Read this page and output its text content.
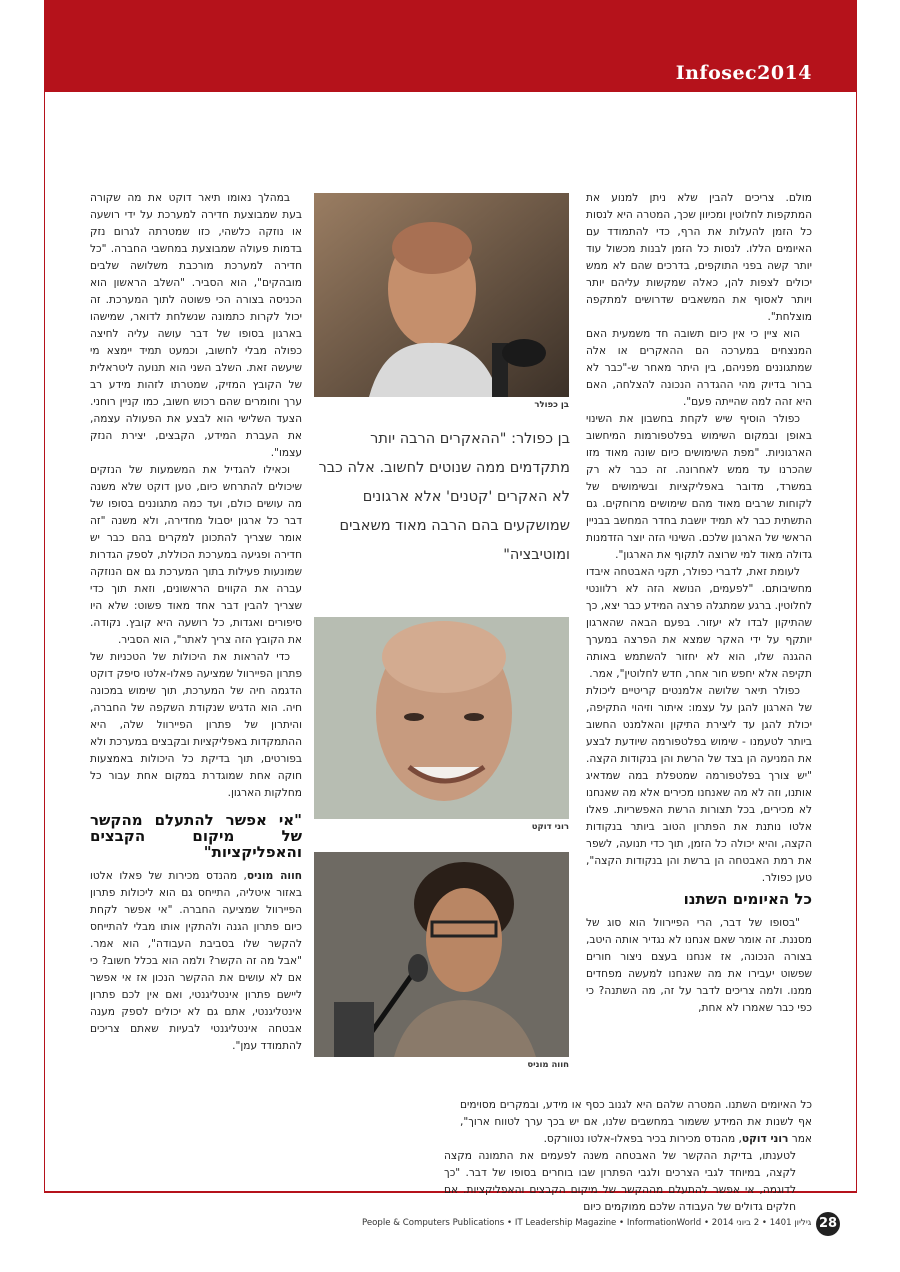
Infosec2014

מולם. צריכים להבין שלא ניתן למנוע את המתקפות לחלוטין ומכיוון שכך, המטרה היא לנסות כל הזמן להעלות את הרף, כדי להתמודד עם האיומים הללו. לנסות כל הזמן לבנות מכשול עוד יותר קשה בפני התוקפים, בדרכים שהם לא ממש יכולים לצפות להן, כאלה שמקשות עליהם יותר ויותר לאסוף את המשאבים שדרושים למתקפה מוצלחת".

הוא ציין כי אין כיום תשובה חד משמעית האם המנצחים במערכה הם ההאקרים או אלה שמתגוננים מפניהם, בין היתר מאחר ש-"כבר לא ברור בדיוק מהי ההגדרה הנכונה להצלחה, האם היא זהה למה שהייתה פעם".

כפולר הוסיף שיש לקחת בחשבון את השינוי באופן ובמקום השימוש בפלטפורמות המיחשוב הארגוניות. "מפת השימושים כיום שונה מאוד מזו שהכרנו עד ממש לאחרונה. זה כבר לא רק במשרד, מדובר באפליקציות ובשימושים של לקוחות שרבים מאוד מהם שימושים מרוחקים. גם התשתית כבר לא תמיד יושבת בחדר המחשב בבניין הראשי של הארגון שלכם. השינוי הזה יוצר הזדמנות גדולה מאוד למי שרוצה לתקוף את הארגון".

לעומת זאת, לדברי כפולר, תקני האבטחה איבדו מחשיבותם. "לפעמים, הנושא הזה לא רלוונטי לחלוטין. ברגע שמתגלה פרצה המידע כבר יצא, כך שהתיקון לבדו לא יעזור. בפעם הבאה שהארגון יותקף על ידי האקר שמצא את הפרצה במערך ההגנה שלו, הוא לא יחזור להשתמש באותה תקיפה אלא יחפש חור אחר, חדש לחלוטין", אמר.

כפולר תיאר שלושה אלמנטים קריטיים ליכולת של הארגון להגן על עצמו: איתור וזיהוי התקיפה, יכולת להגן עד ליצירת התיקון והאלמנט החשוב ביותר לטעמנו - שימוש בפלטפורמה שיודעת לבצע את המניעה הן בצד של הרשת והן בנקודות הקצה. "יש צורך בפלטפורמה שמטפלת במה שמדאיג אותנו, וזה לא מה שאנחנו מכירים אלא מה שאנחנו לא מכירים, בכל תצורות הרשת האפשריות. פאלו אלטו נותנת את הפתרון הטוב ביותר בנקודות הקצה, והיא יכולה כל הזמן, תוך כדי תנועה, לשפר את רמת האבטחה הן ברשת והן בנקודות הקצה", טען כפולר.

כל האיומים השתנו

"בסופו של דבר, הרי הפיירוול הוא סוג של מסננת. זה אומר שאם אנחנו לא נגדיר אותה היטב, בצורה הנכונה, אז אנחנו בעצם ניצור חורים שפשוט יעבירו את מה שאנחנו למעשה מפחדים ממנו. ולמה צריכים לדבר על זה, מה השתנה? כי כפי כבר שאמרו לא אחת,

בן כפולר
בן כפולר: "ההאקרים הרבה יותר מתקדמים ממה שנוטים לחשוב. אלה כבר לא האקרים 'קטנים' אלא ארגונים שמושקעים בהם הרבה מאוד משאבים ומוטיבציה"
רוני דוקט
חווה מוניס

במהלך נאומו תיאר דוקט את מה שקורה בעת שמבוצעת חדירה למערכת על ידי רושעה או נוזקה כלשהי, כזו שמטרתה לגרום נזק בדמות פעולה שמבוצעת במחשבי החברה. "כל חדירה למערכת מורכבת משלושה שלבים מובהקים", הוא הסביר. "השלב הראשון הוא הכניסה בצורה הכי פשוטה לתוך המערכת. זה יכול לקרות כתמונה שנשלחת לדואר, שמישהו בארגון בסופו של דבר עושה עליה לחיצה כפולה מבלי לחשוב, וכמעט תמיד יימצא מי שיעשה זאת. השלב השני הוא תנועה ליטראלית של הקובץ המזיק, שמטרתו לזהות מידע רב ערך וחומרים שהם רכוש חשוב, כמו קניין רוחני. הצעד השלישי הוא לבצע את הפעולה עצמה, את העברת המידע, הקבצים, יצירת הנזק עצמו".

וכאילו להגדיל את המשמעות של הנזקים שיכולים להתרחש כיום, טען דוקט שלא משנה מה עושים כולם, ועד כמה מתגוננים בסופו של דבר כל ארגון יסבול מחדירה, ולא משנה "זה אומר שצריך להתכונן למקרים בהם כבר יש חדירה ופגיעה במערכת הכוללת, לספק הגדרות שמונעות פעילות בתוך המערכת גם אם הנוזקה עברה את הקווים הראשונים, וזאת תוך כדי שצריך להבין דבר אחד מאוד פשוט: שלא היו סיפורים ואגדות, כל רושעה היא קובץ. נקודה. את הקובץ הזה צריך לאתר", הוא הסביר.

כדי להראות את היכולות של הטכניות של פתרון הפיירוול שמציעה פאלו-אלטו סיפק דוקט הדגמה חיה של המערכת, תוך שימוש במכונה חיה. הוא הדגיש שנקודת השקפה של החברה, והיתרון של פתרון הפיירוול שלה, היא ההתמקדות באפליקציות ובקבצים במערכת ולא בפורטים, תוך בדיקת כל היכולות באמצעות חוקה אחת שמוגדרת במקום אחת עבור כל מחלקות הארגון.

"אי אפשר להתעלם מהקשר של מיקום הקבצים והאפליקציות"

חווה מוניס, מהנדס מכירות של פאלו אלטו באזור איטליה, התייחס גם הוא ליכולות פתרון הפיירוול שמציעה החברה. "אי אפשר לקחת כיום פתרון הגנה ולהתקין אותו מבלי להתייחס להקשר שלו בסביבת העבודה", הוא אמר. "אבל מה זה הקשר? ולמה הוא בכלל חשוב? כי אם לא עושים את ההקשר הנכון אז אי אפשר ליישם פתרון אינטליגנטי, ואם אין לכם פתרון אינטליגנטי, אתם גם לא יכולים לספק מענה אבטחה אינטליגנטי לבעיות שאתם צריכים להתמודד עמן".

כל האיומים השתנו. המטרה שלהם היא לגנוב כסף או מידע, ובמקרים מסוימים אף לשנות את המידע ששמור במחשבים שלנו, אם יש בכך ערך לטווח ארוך", אמר רוני דוקט, מהנדס מכירות בכיר בפאלו-אלטו נטוורקס. לטענתו, בדיקת ההקשר של האבטחה משנה לפעמים את התמונה מקצה לקצה, במיוחד לגבי הצרכים ולגבי הפתרון שבו בוחרים בסופו של דבר. "כך לדוגמה, אי אפשר להתעלם מההקשר של מיקום הקבצים והאפליקציות. אם חלקים גדולים של העבודה שלכם ממוקמים כיום
People & Computers Publications • IT Leadership Magazine • InformationWorld • 2014 גיליון 1401 • 2 ביוני 28
